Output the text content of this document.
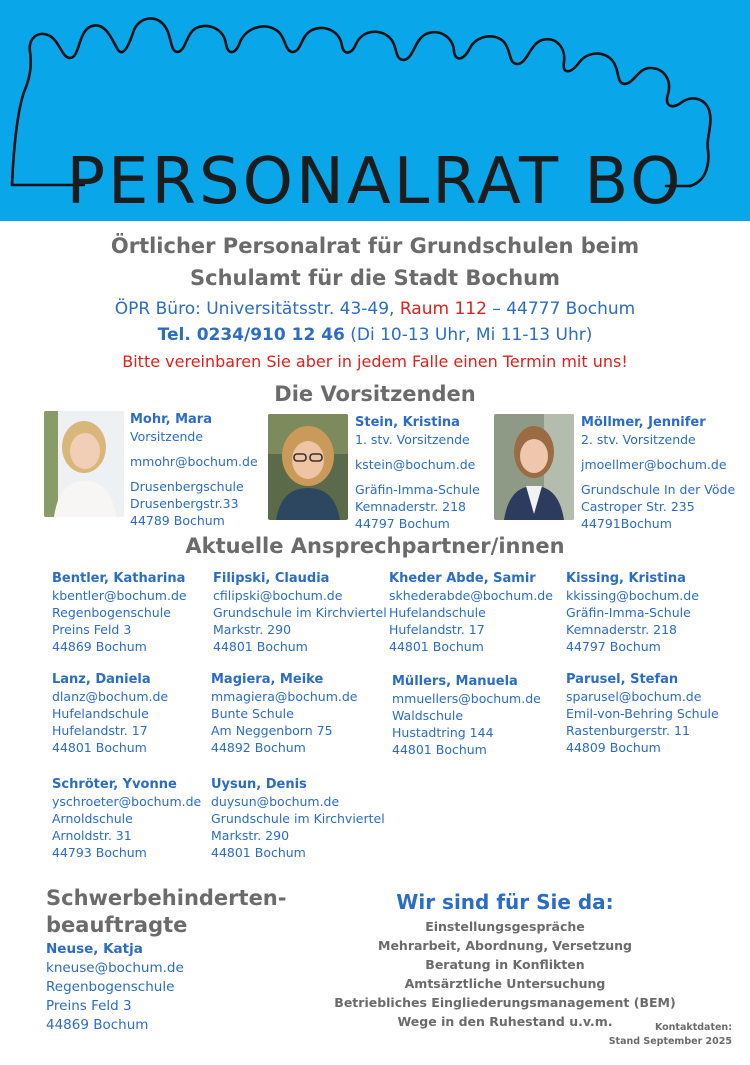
PERSONALRAT BO
Örtlicher Personalrat für Grundschulen beim
Schulamt für die Stadt Bochum
ÖPR Büro: Universitätsstr. 43-49, Raum 112 – 44777 Bochum
Tel. 0234/910 12 46 (Di 10-13 Uhr, Mi 11-13 Uhr)
Bitte vereinbaren Sie aber in jedem Falle einen Termin mit uns!
Die Vorsitzenden
Mohr, Mara
Vorsitzende
mmohr@bochum.de
Drusenbergschule
Drusenbergstr.33
44789 Bochum
Stein, Kristina
1. stv. Vorsitzende
kstein@bochum.de
Gräfin-Imma-Schule
Kemnaderstr. 218
44797 Bochum
Möllmer, Jennifer
2. stv. Vorsitzende
jmoellmer@bochum.de
Grundschule In der Vöde
Castroper Str. 235
44791Bochum
Aktuelle Ansprechpartner/innen
Bentler, Katharina
kbentler@bochum.de
Regenbogenschule
Preins Feld 3
44869 Bochum
Filipski, Claudia
cfilipski@bochum.de
Grundschule im Kirchviertel
Markstr. 290
44801 Bochum
Kheder Abde, Samir
skhederabde@bochum.de
Hufelandschule
Hufelandstr. 17
44801 Bochum
Kissing, Kristina
kkissing@bochum.de
Gräfin-Imma-Schule
Kemnaderstr. 218
44797 Bochum
Lanz, Daniela
dlanz@bochum.de
Hufelandschule
Hufelandstr. 17
44801 Bochum
Magiera, Meike
mmagiera@bochum.de
Bunte Schule
Am Neggenborn 75
44892 Bochum
Müllers, Manuela
mmuellers@bochum.de
Waldschule
Hustadtring 144
44801 Bochum
Parusel, Stefan
sparusel@bochum.de
Emil-von-Behring Schule
Rastenburgerstr. 11
44809 Bochum
Schröter, Yvonne
yschroeter@bochum.de
Arnoldschule
Arnoldstr. 31
44793 Bochum
Uysun, Denis
duysun@bochum.de
Grundschule im Kirchviertel
Markstr. 290
44801 Bochum
Schwerbehinderten-
beauftragte
Neuse, Katja
kneuse@bochum.de
Regenbogenschule
Preins Feld 3
44869 Bochum
Wir sind für Sie da:
Einstellungsgespräche
Mehrarbeit, Abordnung, Versetzung
Beratung in Konflikten
Amtsärztliche Untersuchung
Betriebliches Eingliederungsmanagement (BEM)
Wege in den Ruhestand u.v.m.	Kontaktdaten:
Stand September 2025
